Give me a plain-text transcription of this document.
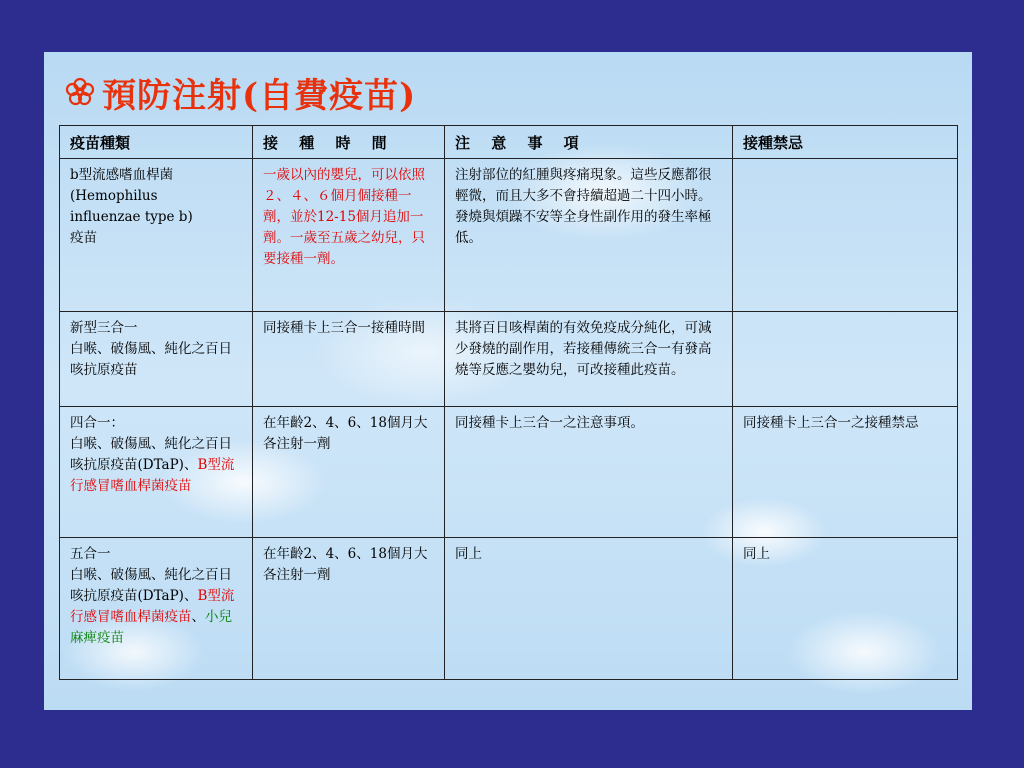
預防注射(自費疫苗)
疫苗種類	接 種 時 間	注 意 事 項	接種禁忌

b型流感嗜血桿菌
(Hemophilus
influenzae type b)
疫苗	一歲以內的嬰兒，可以依照２、４、６個月個接種一劑，並於12-15個月追加一劑。一歲至五歲之幼兒，只要接種一劑。	注射部位的紅腫與疼痛現象。這些反應都很輕微，而且大多不會持續超過二十四小時。發燒與煩躁不安等全身性副作用的發生率極低。	

新型三合一
白喉、破傷風、純化之百日咳抗原疫苗	同接種卡上三合一接種時間	其將百日咳桿菌的有效免疫成分純化，可減少發燒的副作用，若接種傳統三合一有發高燒等反應之嬰幼兒，可改接種此疫苗。	

四合一：
白喉、破傷風、純化之百日咳抗原疫苗(DTaP)、B型流行感冒嗜血桿菌疫苗	在年齡2、4、6、18個月大各注射一劑	同接種卡上三合一之注意事項。	同接種卡上三合一之接種禁忌

五合一
白喉、破傷風、純化之百日咳抗原疫苗(DTaP)、B型流行感冒嗜血桿菌疫苗、小兒麻痺疫苗	在年齡2、4、6、18個月大各注射一劑	同上	同上
